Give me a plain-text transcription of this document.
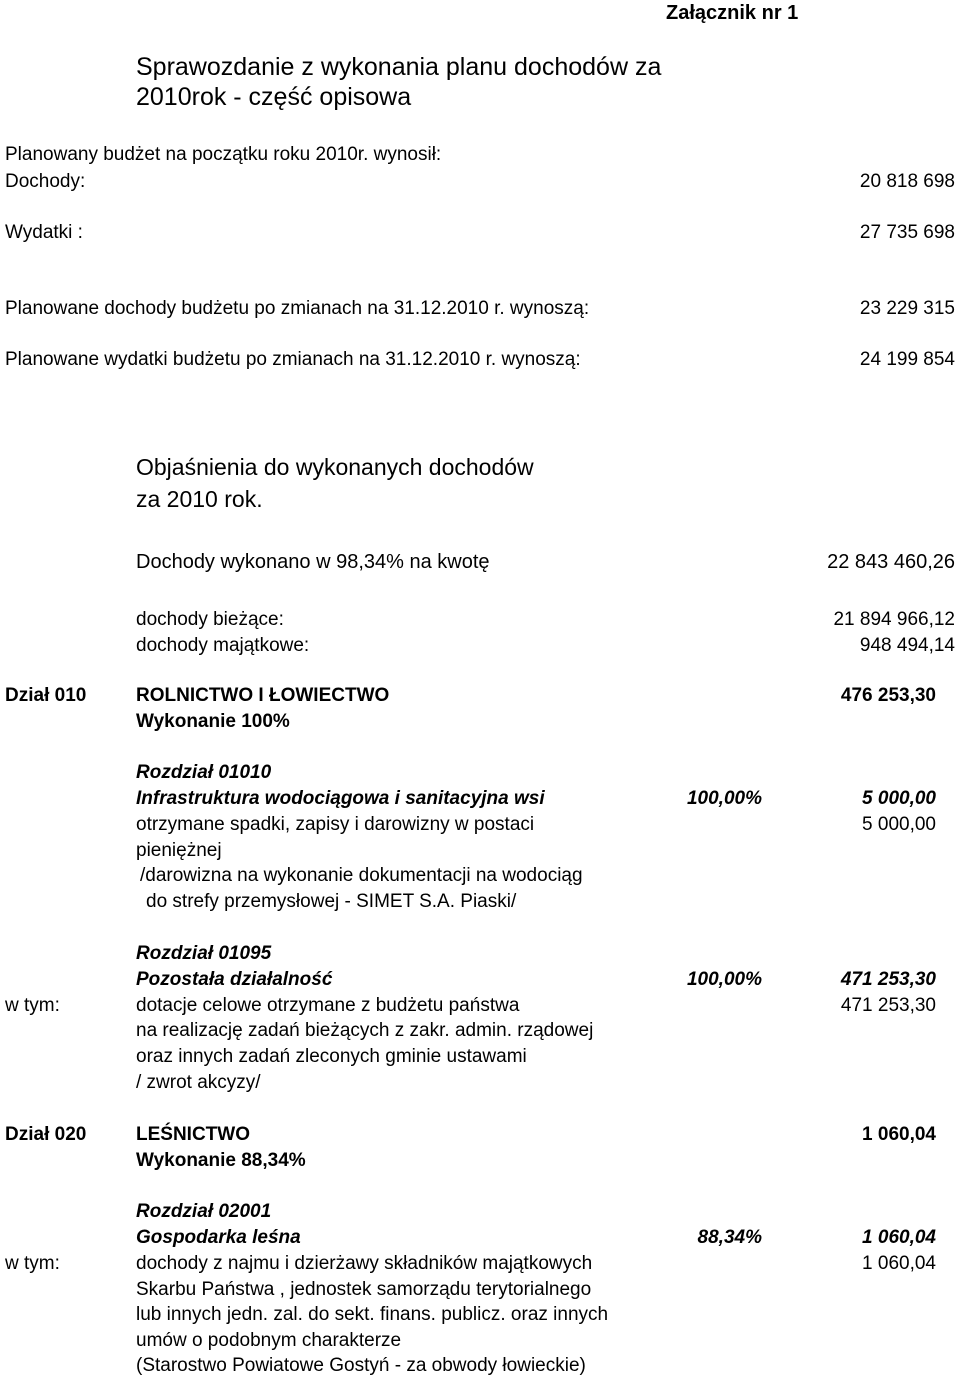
Załącznik nr 1
Sprawozdanie z wykonania planu dochodów za
2010rok - część opisowa
Planowany budżet na początku roku 2010r. wynosił:
Dochody:	20 818 698
Wydatki :	27 735 698
Planowane dochody budżetu po zmianach na 31.12.2010 r. wynoszą:	23 229 315
Planowane wydatki budżetu po zmianach na 31.12.2010 r. wynoszą:	24 199 854
Objaśnienia do wykonanych dochodów
za 2010 rok.
Dochody wykonano w 98,34% na kwotę	22 843 460,26
dochody bieżące:	21 894 966,12
dochody majątkowe:	948 494,14
Dział 010	ROLNICTWO I ŁOWIECTWO	476 253,30
Wykonanie 100%
Rozdział 01010
Infrastruktura wodociągowa i sanitacyjna wsi	100,00%	5 000,00
otrzymane spadki, zapisy i darowizny w postaci	5 000,00
pieniężnej
/darowizna na wykonanie dokumentacji na wodociąg
do strefy przemysłowej - SIMET S.A. Piaski/
Rozdział 01095
Pozostała działalność	100,00%	471 253,30
w tym:	dotacje celowe otrzymane z budżetu państwa	471 253,30
na realizację zadań bieżących z zakr. admin. rządowej
oraz innych zadań zleconych gminie ustawami
/ zwrot akcyzy/
Dział 020	LEŚNICTWO	1 060,04
Wykonanie 88,34%
Rozdział 02001
Gospodarka leśna	88,34%	1 060,04
w tym:	dochody z najmu i dzierżawy składników majątkowych	1 060,04
Skarbu Państwa , jednostek samorządu terytorialnego
lub innych jedn. zal. do sekt. finans. publicz. oraz innych
umów o podobnym charakterze
(Starostwo Powiatowe Gostyń - za obwody łowieckie)
